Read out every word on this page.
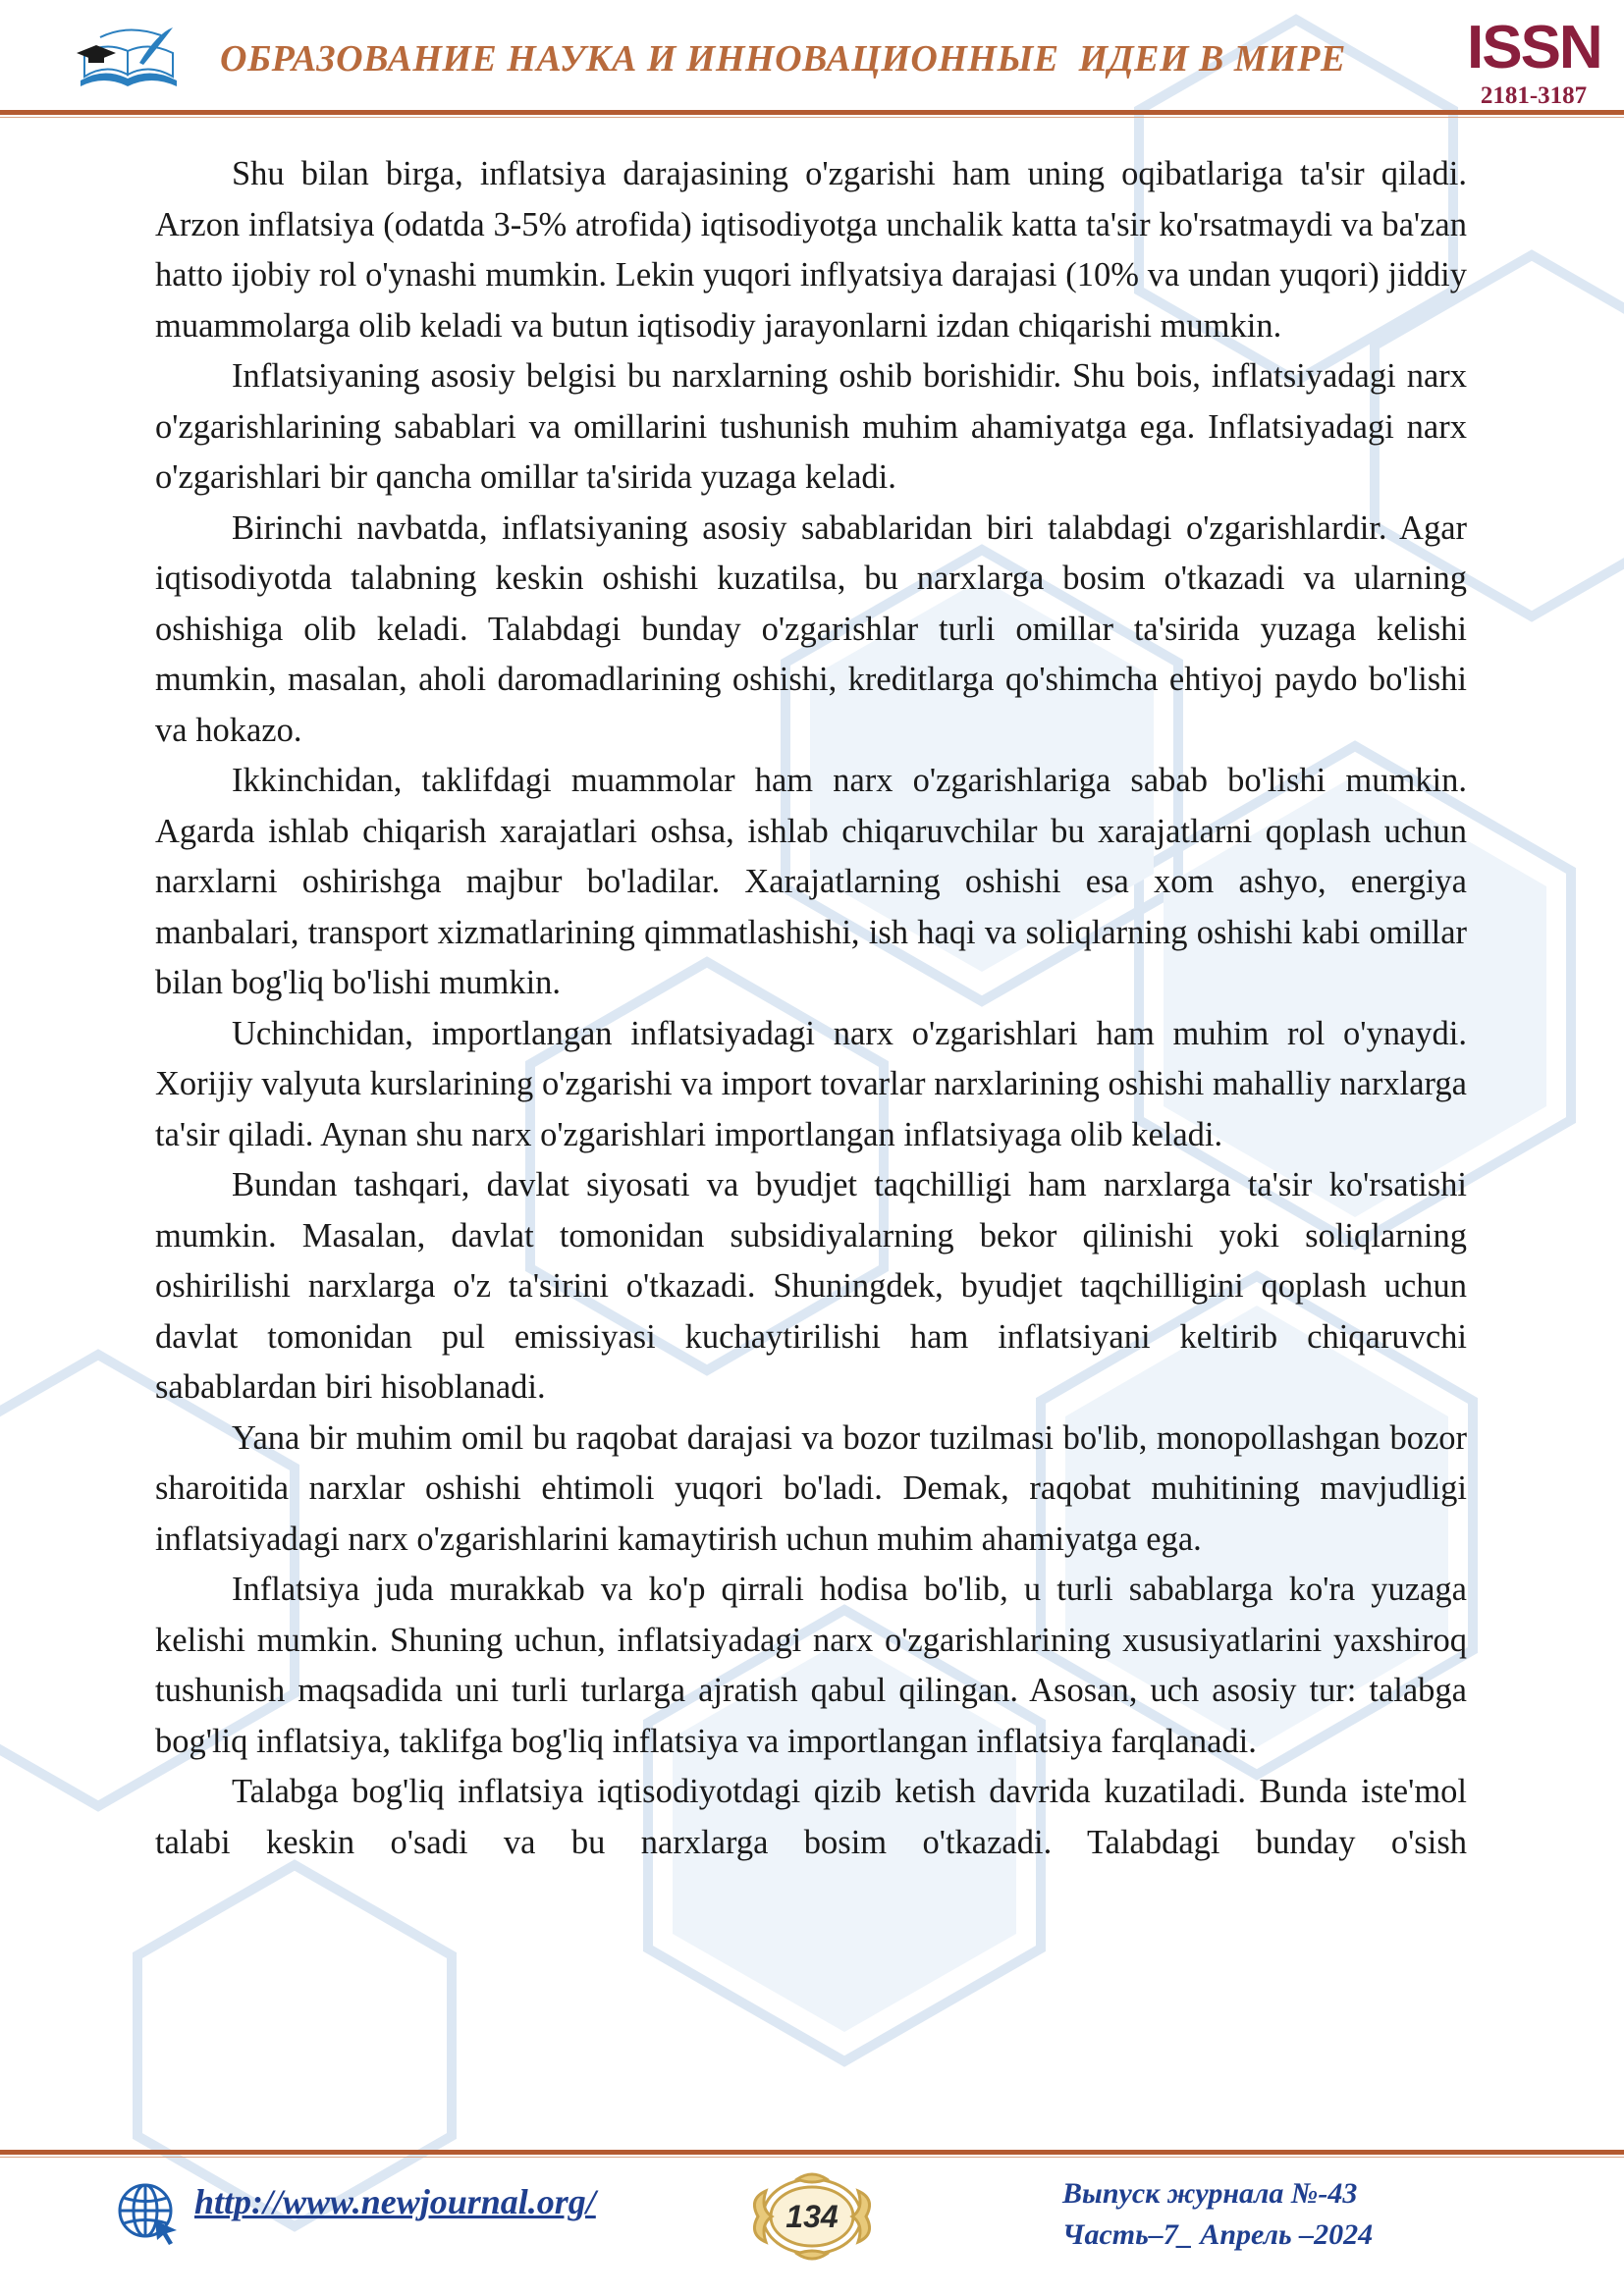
ОБРАЗОВАНИЕ НАУКА И ИННОВАЦИОННЫЕ  ИДЕИ В МИРЕ	ISSN
2181-3187

Shu bilan birga, inflatsiya darajasining o'zgarishi ham uning oqibatlariga ta'sir qiladi. Arzon inflatsiya (odatda 3-5% atrofida) iqtisodiyotga unchalik katta ta'sir ko'rsatmaydi va ba'zan hatto ijobiy rol o'ynashi mumkin. Lekin yuqori inflyatsiya darajasi (10% va undan yuqori) jiddiy muammolarga olib keladi va butun iqtisodiy jarayonlarni izdan chiqarishi mumkin.

Inflatsiyaning asosiy belgisi bu narxlarning oshib borishidir. Shu bois, inflatsiyadagi narx o'zgarishlarining sabablari va omillarini tushunish muhim ahamiyatga ega. Inflatsiyadagi narx o'zgarishlari bir qancha omillar ta'sirida yuzaga keladi.

Birinchi navbatda, inflatsiyaning asosiy sabablaridan biri talabdagi o'zgarishlardir. Agar iqtisodiyotda talabning keskin oshishi kuzatilsa, bu narxlarga bosim o'tkazadi va ularning oshishiga olib keladi. Talabdagi bunday o'zgarishlar turli omillar ta'sirida yuzaga kelishi mumkin, masalan, aholi daromadlarining oshishi, kreditlarga qo'shimcha ehtiyoj paydo bo'lishi va hokazo.

Ikkinchidan, taklifdagi muammolar ham narx o'zgarishlariga sabab bo'lishi mumkin. Agarda ishlab chiqarish xarajatlari oshsa, ishlab chiqaruvchilar bu xarajatlarni qoplash uchun narxlarni oshirishga majbur bo'ladilar. Xarajatlarning oshishi esa xom ashyo, energiya manbalari, transport xizmatlarining qimmatlashishi, ish haqi va soliqlarning oshishi kabi omillar bilan bog'liq bo'lishi mumkin.

Uchinchidan, importlangan inflatsiyadagi narx o'zgarishlari ham muhim rol o'ynaydi. Xorijiy valyuta kurslarining o'zgarishi va import tovarlar narxlarining oshishi mahalliy narxlarga ta'sir qiladi. Aynan shu narx o'zgarishlari importlangan inflatsiyaga olib keladi.

Bundan tashqari, davlat siyosati va byudjet taqchilligi ham narxlarga ta'sir ko'rsatishi mumkin. Masalan, davlat tomonidan subsidiyalarning bekor qilinishi yoki soliqlarning oshirilishi narxlarga o'z ta'sirini o'tkazadi. Shuningdek, byudjet taqchilligini qoplash uchun davlat tomonidan pul emissiyasi kuchaytirilishi ham inflatsiyani keltirib chiqaruvchi sabablardan biri hisoblanadi.

Yana bir muhim omil bu raqobat darajasi va bozor tuzilmasi bo'lib, monopollashgan bozor sharoitida narxlar oshishi ehtimoli yuqori bo'ladi. Demak, raqobat muhitining mavjudligi inflatsiyadagi narx o'zgarishlarini kamaytirish uchun muhim ahamiyatga ega.

Inflatsiya juda murakkab va ko'p qirrali hodisa bo'lib, u turli sabablarga ko'ra yuzaga kelishi mumkin. Shuning uchun, inflatsiyadagi narx o'zgarishlarining xususiyatlarini yaxshiroq tushunish maqsadida uni turli turlarga ajratish qabul qilingan. Asosan, uch asosiy tur: talabga bog'liq inflatsiya, taklifga bog'liq inflatsiya va importlangan inflatsiya farqlanadi.

Talabga bog'liq inflatsiya iqtisodiyotdagi qizib ketish davrida kuzatiladi. Bunda iste'mol talabi keskin o'sadi va bu narxlarga bosim o'tkazadi. Talabdagi bunday o'sish

http://www.newjournal.org/	134
Выпуск журнала №-43
Часть–7_ Апрель –2024
